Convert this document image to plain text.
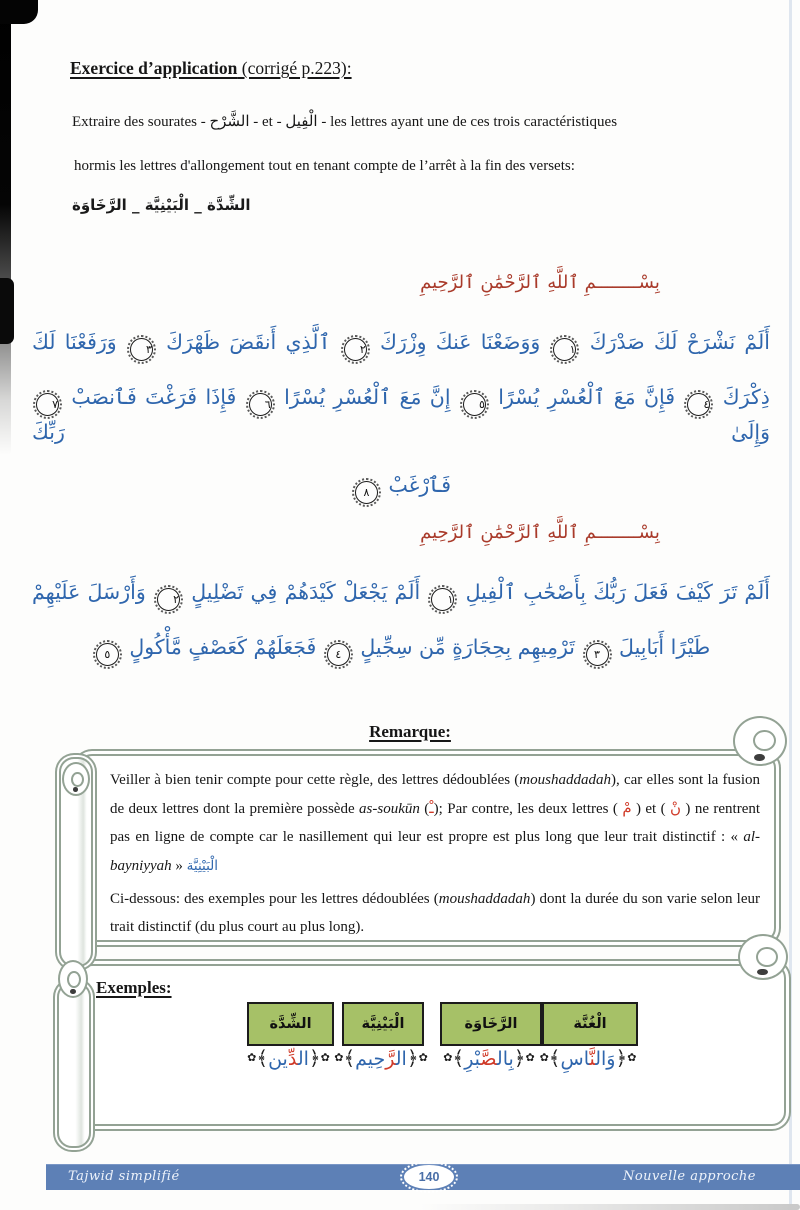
Exercice d’application (corrigé p.223):
Extraire des sourates - الشَّرْح - et - الْفِيل - les lettres ayant une de ces trois caractéristiques
hormis les lettres d'allongement tout en tenant compte de l’arrêt à la fin des versets:
الشِّدَّة _ الْبَيْنِيَّة _ الرَّخَاوَة
بِسْــــــــمِ ٱللَّهِ ٱلرَّحْمَٰنِ ٱلرَّحِيمِ
أَلَمْ نَشْرَحْ لَكَ صَدْرَكَ ١ وَوَضَعْنَا عَنكَ وِزْرَكَ ٢ ٱلَّذِي أَنقَضَ ظَهْرَكَ ٣ وَرَفَعْنَا لَكَ
ذِكْرَكَ ٤ فَإِنَّ مَعَ ٱلْعُسْرِ يُسْرًا ٥ إِنَّ مَعَ ٱلْعُسْرِ يُسْرًا ٦ فَإِذَا فَرَغْتَ فَٱنصَبْ ٧ وَإِلَىٰ رَبِّكَ
فَٱرْغَبْ ٨
بِسْــــــــمِ ٱللَّهِ ٱلرَّحْمَٰنِ ٱلرَّحِيمِ
أَلَمْ تَرَ كَيْفَ فَعَلَ رَبُّكَ بِأَصْحَٰبِ ٱلْفِيلِ ١ أَلَمْ يَجْعَلْ كَيْدَهُمْ فِي تَضْلِيلٍ ٢ وَأَرْسَلَ عَلَيْهِمْ
طَيْرًا أَبَابِيلَ ٣ تَرْمِيهِم بِحِجَارَةٍ مِّن سِجِّيلٍ ٤ فَجَعَلَهُمْ كَعَصْفٍ مَّأْكُولٍ ٥
Remarque:

Veiller à bien tenir compte pour cette règle, des lettres dédoublées (moushaddadah), car elles sont la fusion de deux lettres dont la première possède as-soukūn (ـْ); Par contre, les deux lettres ( مْ ) et ( نْ ) ne rentrent pas en ligne de compte car le nasillement qui leur est propre est plus long que leur trait distinctif : « al-bayniyyah » الْبَيْنِيَّة

Ci-dessous: des exemples pour les lettres dédoublées (moushaddadah) dont la durée du son varie selon leur trait distinctif (du plus court au plus long).

Exemples:
Tajwid simplifié	140	Nouvelle approche
الشِّدَّة
✿﴿الدِّين﴾✿
الْبَيْنِيَّة
✿﴿الرَّحِيم﴾✿
الرَّخَاوَة
✿﴿بِالصَّبْرِ﴾✿
الْغُنَّة
✿﴿وَالنَّاسِ﴾✿
